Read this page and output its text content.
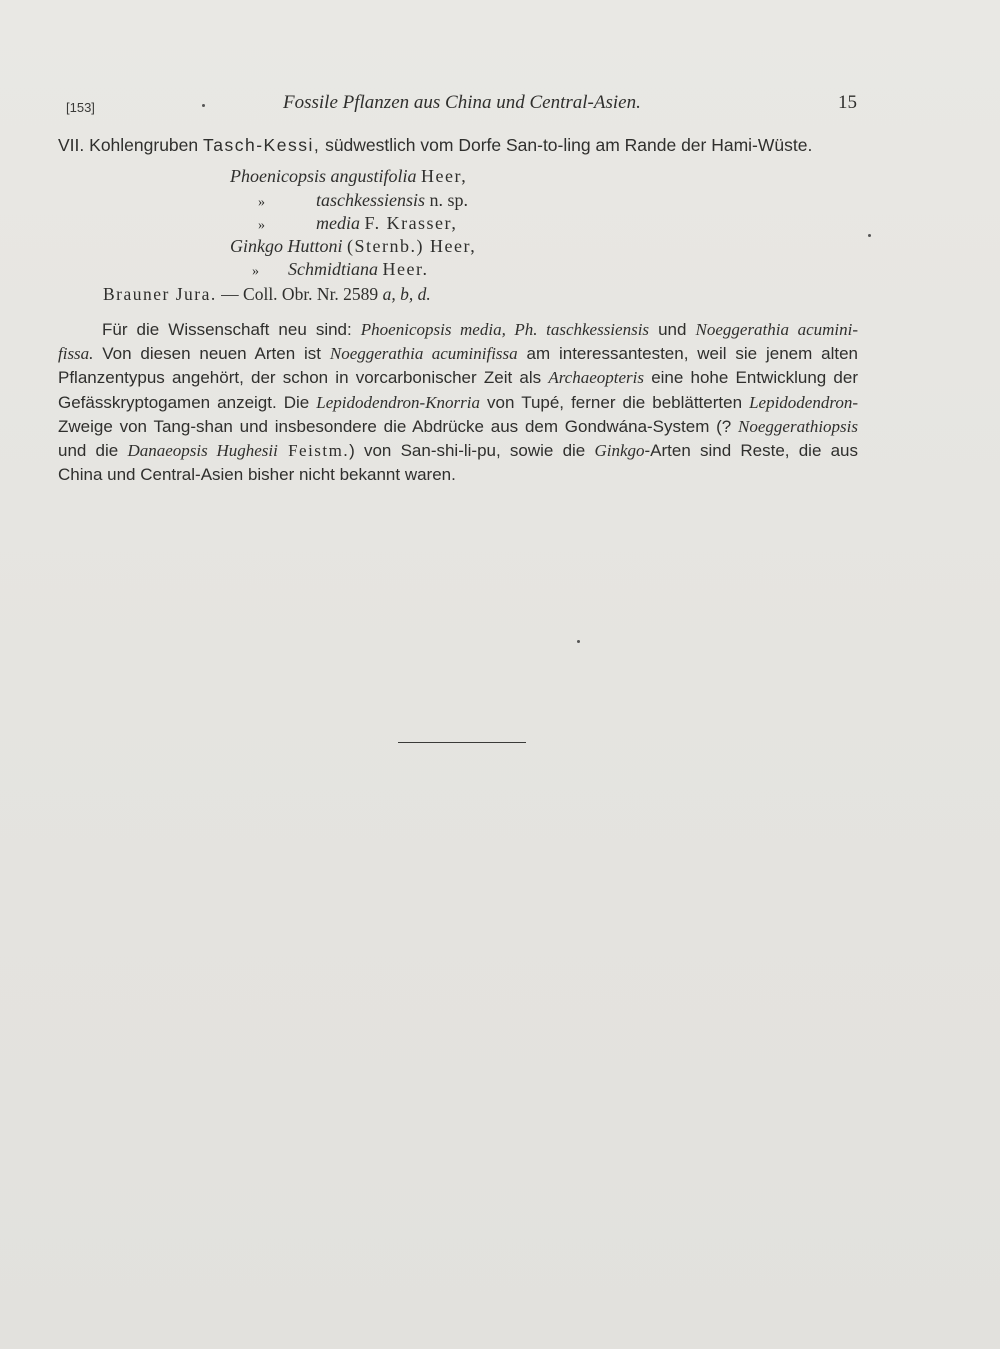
[153]	Fossile Pflanzen aus China und Central-Asien.	15
VII. Kohlengruben Tasch-Kessi, südwestlich vom Dorfe San-to-ling am Rande der Hami-Wüste.
Phoenicopsis angustifolia Heer,
»	taschkessiensis n. sp.
»	media F. Krasser,
Ginkgo Huttoni (Sternb.) Heer,
» Schmidtiana Heer.
Brauner Jura. — Coll. Obr. Nr. 2589 a, b, d.
Für die Wissenschaft neu sind: Phoenicopsis media, Ph. taschkessiensis und Noeggerathia acumini-
fissa. Von diesen neuen Arten ist Noeggerathia acuminifissa am interessantesten, weil sie jenem alten
Pflanzentypus angehört, der schon in vorcarbonischer Zeit als Archaeopteris eine hohe Entwicklung der
Gefässkryptogamen anzeigt. Die Lepidodendron-Knorria von Tupé, ferner die beblätterten Lepidodendron-
Zweige von Tang-shan und insbesondere die Abdrücke aus dem Gondwána-System (? Noeggerathiopsis
und die Danaeopsis Hughesii Feistm.) von San-shi-li-pu, sowie die Ginkgo-Arten sind Reste, die aus
China und Central-Asien bisher nicht bekannt waren.
